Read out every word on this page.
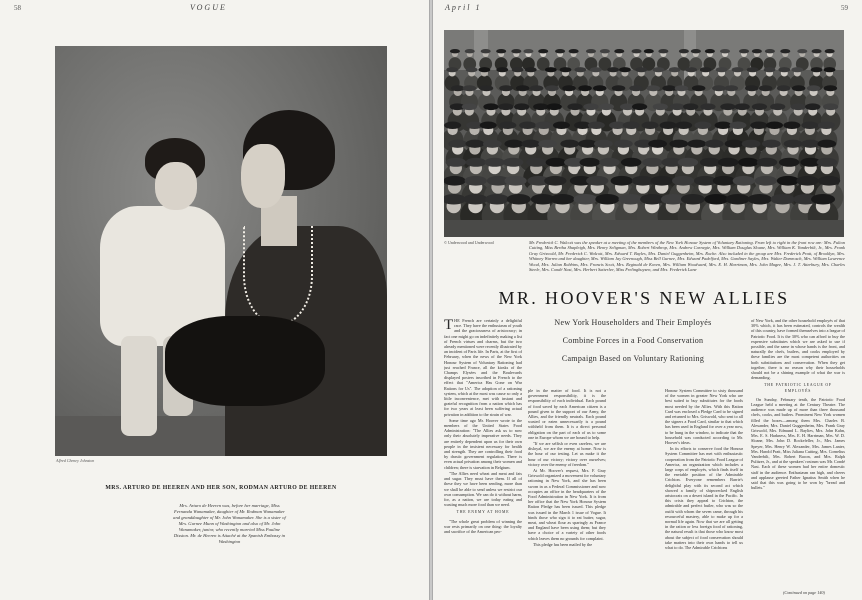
58	VOGUE
Alfred Cheney Johnston
MRS. ARTURO DE HEEREN AND HER SON, RODMAN ARTURO DE HEEREN
Mrs. Arturo de Heeren was, before her marriage, Miss Fernanda Wanamaker, daughter of Mr. Rodman Wanamaker and granddaughter of Mr. John Wanamaker. She is a sister of Mrs. Gurnee Munn of Washington and also of Mr. John Wanamaker, junior, who recently married Miss Pauline Disston. Mr. de Heeren is Attaché at the Spanish Embassy in Washington
April 1	59
© Underwood and Underwood	Mr. Frederick C. Walcott was the speaker at a meeting of the members of the New York Honour System of Voluntary Rationing. From left to right in the front row are: Mrs. Fulton Cutting, Miss Bertha Shapleigh, Mrs. Henry Seligman, Mrs. Robert Winthrop, Mrs. Andrew Carnegie, Mrs. William Douglas Sloane, Mrs. William K. Vanderbilt, Jr., Mrs. Frank Gray Griswold, Mr. Frederick C. Walcott, Mrs. Edward T. Bayles, Mrs. Daniel Guggenheim, Mrs. Roche. Also included in the group are Mrs. Frederick Pratt, of Brooklyn, Mrs. Whitney Warren and her daughter, Mrs. William Jay Greenough, Miss Bell Gurnee, Mrs. Edward Padelford, Mrs. Gardiner Sayles, Mrs. Walter Damrosch, Mrs. William Lawrence Wood, Mrs. Julian Robbins, Mrs. Francis Scott, Mrs. Reginald de Koven, Mrs. William Woodward, Mrs. E. H. Harriman, Mrs. John Magee, Mrs. J. T. Atterbury, Mrs. Charles Steele, Mrs. Condé Nast, Mrs. Herbert Satterlee, Miss Frelinghuysen, and Mrs. Frederick Lane
MR. HOOVER'S NEW ALLIES
New York Householders and Their Employés
Combine Forces in a Food Conservation
Campaign Based on Voluntary Rationing

THE French are certainly a delightful race. They have the enthusiasm of youth and the graciousness of aristocracy; in fact one might go on indefinitely making a list of French virtues and charms, but the two already mentioned were recently illustrated by an incident of Paris life. In Paris, at the first of February, when the news of the New York Honour System of Voluntary Rationing had just reached France, all the kiosks of the Champs Elysées and the Boulevards displayed posters inscribed in French to the effect that "America Has Gone on War Rations for Us". The adoption of a rationing system, which at the most was cause so only a little inconvenience, met with instant and grateful recognition from a nation which has for two years at least been suffering actual privation in addition to the strain of war.

Some time ago Mr. Hoover wrote to the members of the United States Food Administration: "The Allies ask us to now only their absolutely imperative needs. They are entirely dependent upon us for their own people in the insistent necessary for health and strength. They are controlling their food by drastic government regulation. There is even actual privation among their women and children; there is starvation in Belgium.

"The Allies need wheat and meat and fats and sugar. They must have them. If all of these they we have been sending, more than we shall be able to send unless we restrict our own consumption. We can do it without harm, for, as a nation, we are today eating and wasting much more food than we need.

THE ENEMY AT HOME

"The whole great problem of winning the war rests primarily on one thing: the loyalty and sacrifice of the American peo-

ple in the matter of food. It is not a government responsibility, it is the responsibility of each individual. Each pound of food saved by each American citizen is a pound given to the support of our Army, the Allies, and the friendly neutrals. Each pound wasted or eaten unnecessarily is a pound withheld from them. It is a direct personal obligation on the part of each of us to some one in Europe whom we are bound to help.

"If we are selfish or even careless, we are disloyal, we are the enemy at home. Now is the hour of our testing. Let us make it the hour of our victory; victory over ourselves; victory over the enemy of freedom."

At Mr. Hoover's request, Mrs. F. Gray Griswold organized a movement for voluntary rationing in New York, and she has been sworn in as a Federal Commissioner and now occupies an office in the headquarters of the Food Administration in New York. It is from her office that the New York Honour System Ration Pledge has been issued. This pledge was issued in the March 1 issue of Vogue. It binds those who sign it to eat butter, sugar, meat, and wheat flour as sparingly as France and England have been using them; but they have a choice of a variety of other foods which leaves them no grounds for complaint.

This pledge has been mailed by the

Honour System Committee to sixty thousand of the women in greater New York who are best suited to buy substitutes for the foods most needed by the Allies. With this Ration Card was enclosed a Pledge Card to be signed and returned to Mrs. Griswold, who sent to all the signers a Food Card, similar to that which has been used in England for over a year now, to be hung in the window, to indicate that the household was conducted according to Mr. Hoover's ideas.

In its efforts to conserve food the Honour System Committee has met with enthusiastic cooperation from the Patriotic Food League of America, an organization which includes a large corps of employés, which finds itself in the enviable position of the Admirable Crichton. Everyone remembers Barrie's delightful play with its second act which showed a family of shipwrecked English aristocrats on a desert island in the Pacific. In this crisis they appeal to Crichton, the admirable and perfect butler, who was so the outfit with whom the seven came, through his resourceful mastery, able to make up for a normal life again. Now that we are all getting in the ration or less foreign food of rationing, the natural result is that those who know most about the subject of food conservation should take matters into their own hands to tell us what to do. The Admirable Crichtons

of New York, and the other household employés of that 30% which, it has been estimated, controls the wealth of this country, have formed themselves into a league of Patriotic Food. It is the 30% who can afford to buy the expensive substitutes which we are asked to use if possible, and the same in whose hands is the front, and naturally the chefs, butlers, and cooks employed by these families are the most competent authorities on both substitutions and conservation. When they get together, there is no reason why their households should not be a shining example of what the war is demanding.

THE PATRIOTIC LEAGUE OF EMPLOYÉS

On Sunday, February tenth, the Patriotic Food League held a meeting at the Century Theatre. The audience was made up of more than three thousand chefs, cooks, and butlers. Prominent New York women filled the boxes—among them Mrs. Charles B. Alexander, Mrs. Daniel Guggenheim, Mrs. Frank Gray Griswold, Mrs. Edmund L. Baylies, Mrs. John Kahn, Mrs. E. S. Harkness, Mrs. E. H. Harriman, Mrs. W. D. Sloane, Mrs. John D. Rockefeller, Jr., Mrs. James Speyer, Mrs. Henry W. Alexander, Mrs. James Lanier, Mrs. Harold Pratt, Miss Juliana Cutting, Mrs. Cornelius Vanderbilt, Mrs. Robert Bacon, and Mrs. Ralph Pulitzer, Jr., and at the speakers' rostrum was Mr. Condé Nast. Each of these women had her entire domestic staff in the audience. Enthusiasm ran high, and cheers and applause greeted Father Ignatius Smith when he said that this was going to be won by "bread and bullets."

(Continued on page 140)
